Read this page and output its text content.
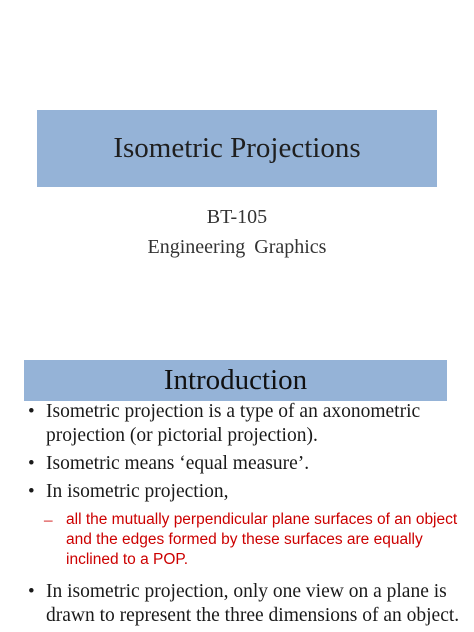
Isometric Projections
BT-105
Engineering Graphics
Introduction
• Isometric projection is a type of an axonometric projection (or pictorial projection).
• Isometric means ‘equal measure’.
• In isometric projection,
– all the mutually perpendicular plane surfaces of an object and the edges formed by these surfaces are equally inclined to a POP.
• In isometric projection, only one view on a plane is drawn to represent the three dimensions of an object.
